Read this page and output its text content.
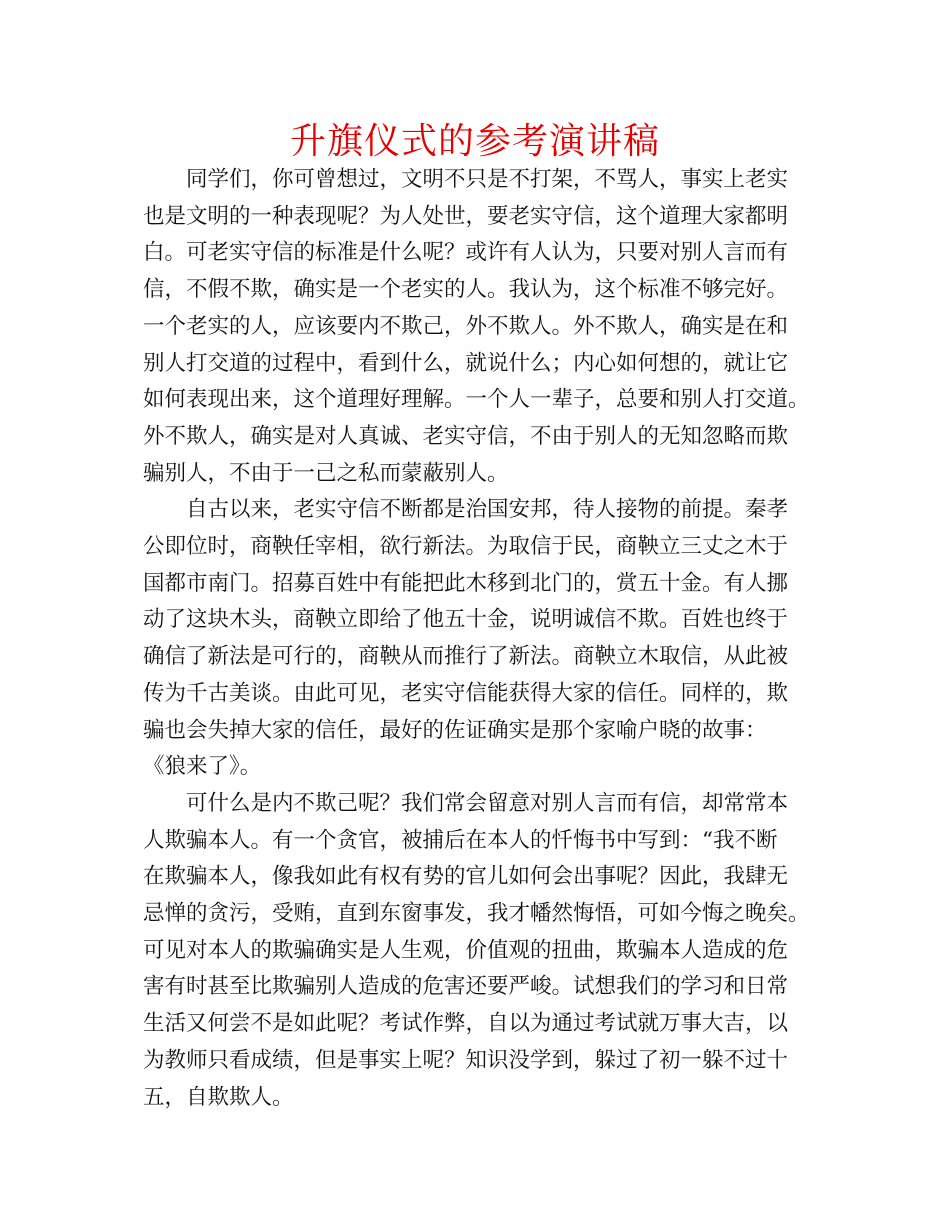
升旗仪式的参考演讲稿
同学们，你可曾想过，文明不只是不打架，不骂人，事实上老实
也是文明的一种表现呢？为人处世，要老实守信，这个道理大家都明
白。可老实守信的标准是什么呢？或许有人认为，只要对别人言而有
信，不假不欺，确实是一个老实的人。我认为，这个标准不够完好。
一个老实的人，应该要内不欺己，外不欺人。外不欺人，确实是在和
别人打交道的过程中，看到什么，就说什么；内心如何想的，就让它
如何表现出来，这个道理好理解。一个人一辈子，总要和别人打交道。
外不欺人，确实是对人真诚、老实守信，不由于别人的无知忽略而欺
骗别人，不由于一己之私而蒙蔽别人。
自古以来，老实守信不断都是治国安邦，待人接物的前提。秦孝
公即位时，商鞅任宰相，欲行新法。为取信于民，商鞅立三丈之木于
国都市南门。招募百姓中有能把此木移到北门的，赏五十金。有人挪
动了这块木头，商鞅立即给了他五十金，说明诚信不欺。百姓也终于
确信了新法是可行的，商鞅从而推行了新法。商鞅立木取信，从此被
传为千古美谈。由此可见，老实守信能获得大家的信任。同样的，欺
骗也会失掉大家的信任，最好的佐证确实是那个家喻户晓的故事：
《狼来了》。
可什么是内不欺己呢？我们常会留意对别人言而有信，却常常本
人欺骗本人。有一个贪官，被捕后在本人的忏悔书中写到：“我不断
在欺骗本人，像我如此有权有势的官儿如何会出事呢？因此，我肆无
忌惮的贪污，受贿，直到东窗事发，我才幡然悔悟，可如今悔之晚矣。
可见对本人的欺骗确实是人生观，价值观的扭曲，欺骗本人造成的危
害有时甚至比欺骗别人造成的危害还要严峻。试想我们的学习和日常
生活又何尝不是如此呢？考试作弊，自以为通过考试就万事大吉，以
为教师只看成绩，但是事实上呢？知识没学到，躲过了初一躲不过十
五，自欺欺人。
